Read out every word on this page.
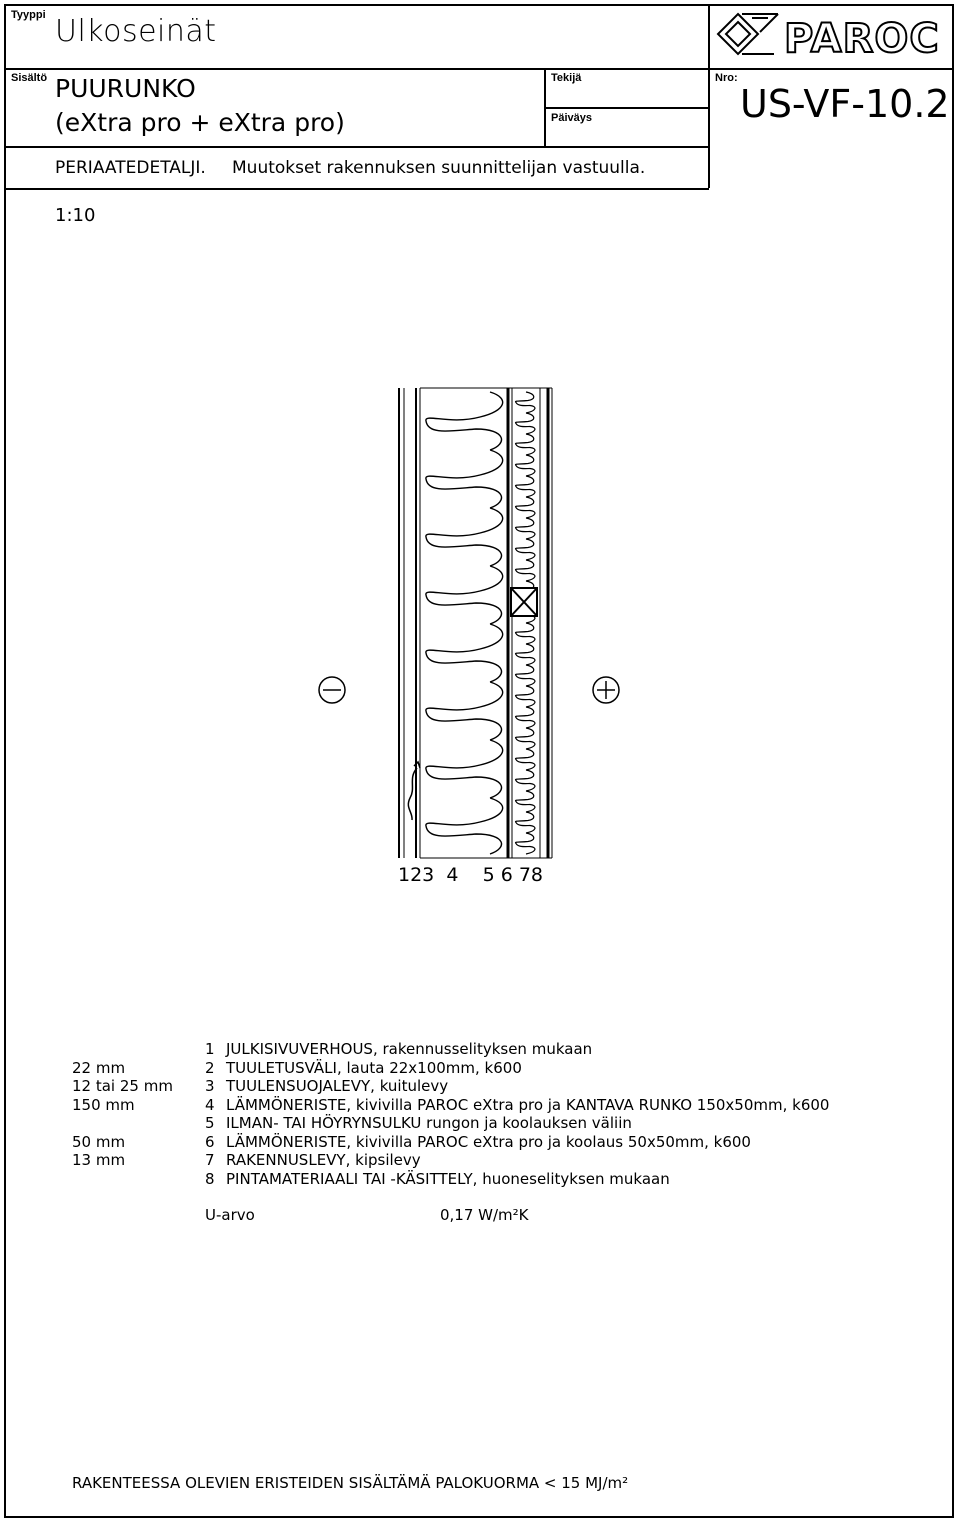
Tyyppi Ulkoseinät
Sisältö PUURUNKO
(eXtra pro + eXtra pro)
Tekijä
Päiväys
Nro:
US-VF-10.2
PERIAATEDETALJI. Muutokset rakennuksen suunnittelijan vastuulla.
PAROC
1:10
123  4    5 6 78
1 JULKISIVUVERHOUS, rakennusselityksen mukaan
22 mm	2 TUULETUSVÄLI, lauta 22x100mm, k600
12 tai 25 mm 3 TUULENSUOJALEVY, kuitulevy
150 mm	4 LÄMMÖNERISTE, kivivilla PAROC eXtra pro ja KANTAVA RUNKO 150x50mm, k600
5 ILMAN- TAI HÖYRYNSULKU rungon ja koolauksen väliin
50 mm	6 LÄMMÖNERISTE, kivivilla PAROC eXtra pro ja koolaus 50x50mm, k600
13 mm	7 RAKENNUSLEVY, kipsilevy
8 PINTAMATERIAALI TAI -KÄSITTELY, huoneselityksen mukaan
U-arvo	0,17 W/m²K
RAKENTEESSA OLEVIEN ERISTEIDEN SISÄLTÄMÄ PALOKUORMA < 15 MJ/m²
